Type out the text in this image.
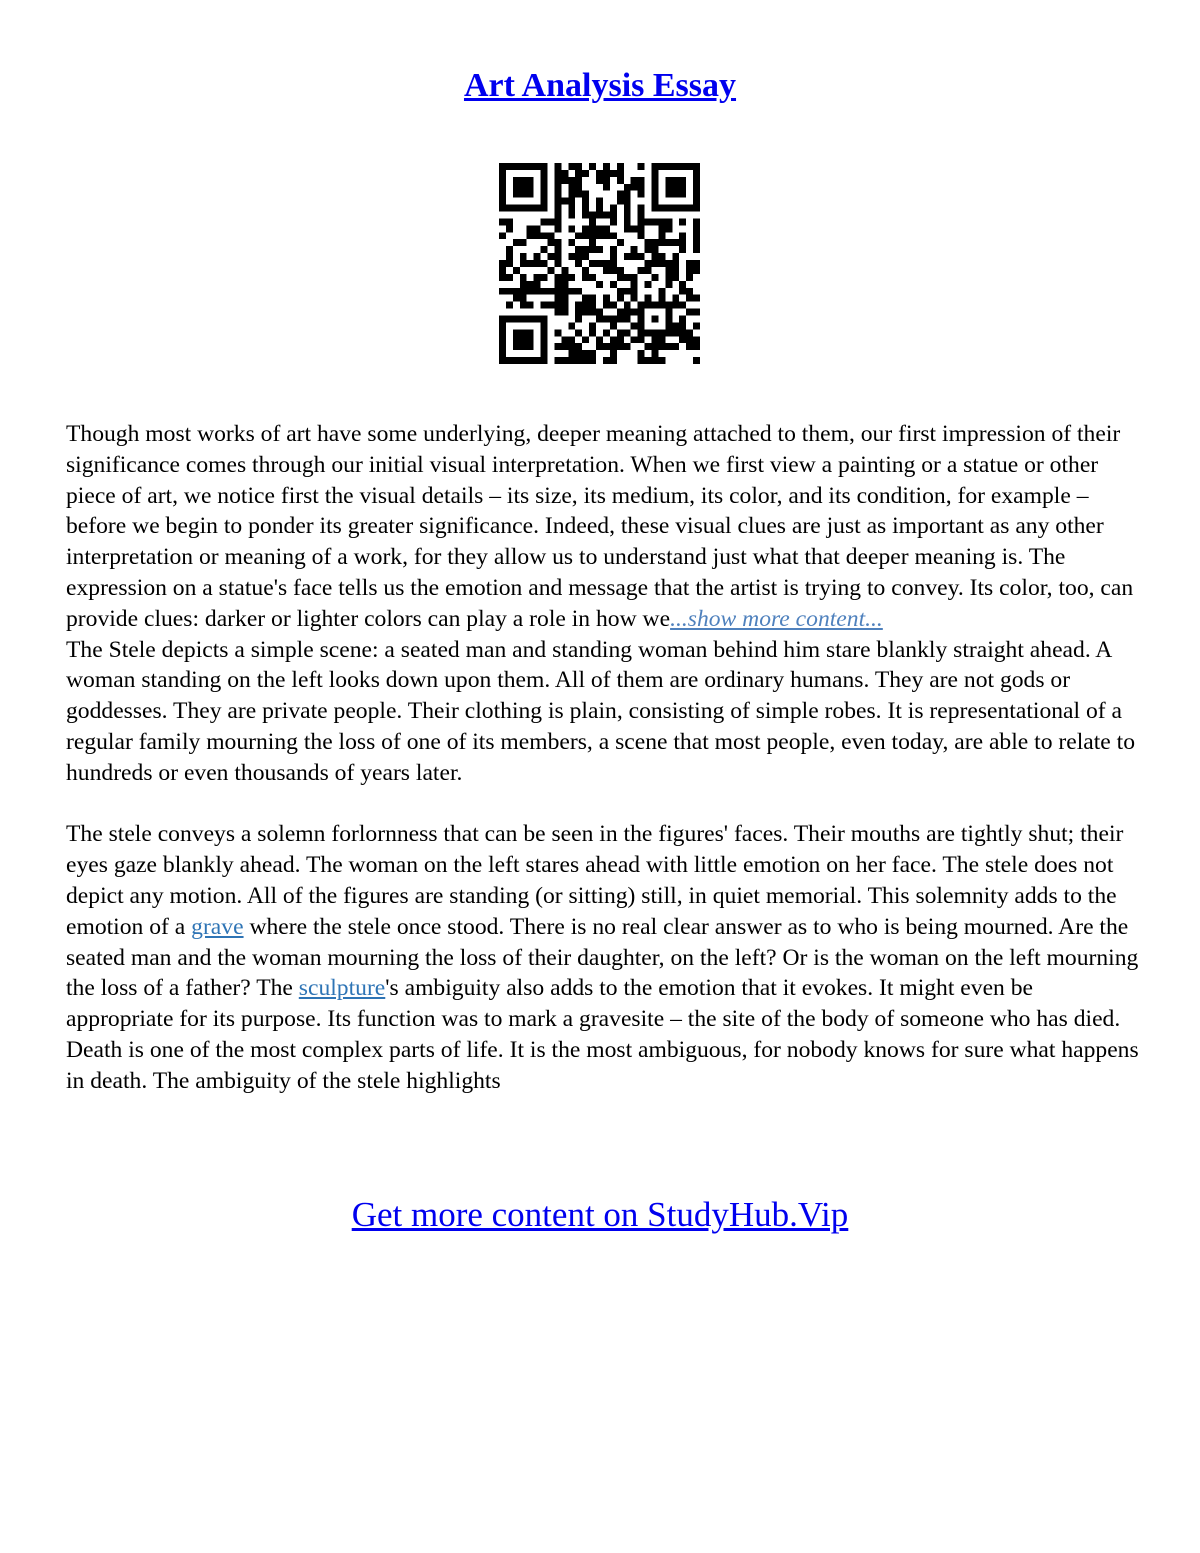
Art Analysis Essay

Though most works of art have some underlying, deeper meaning attached to them, our first impression of their significance comes through our initial visual interpretation. When we first view a painting or a statue or other piece of art, we notice first the visual details – its size, its medium, its color, and its condition, for example – before we begin to ponder its greater significance. Indeed, these visual clues are just as important as any other interpretation or meaning of a work, for they allow us to understand just what that deeper meaning is. The expression on a statue's face tells us the emotion and message that the artist is trying to convey. Its color, too, can provide clues: darker or lighter colors can play a role in how we...show more content...

The Stele depicts a simple scene: a seated man and standing woman behind him stare blankly straight ahead. A woman standing on the left looks down upon them. All of them are ordinary humans. They are not gods or goddesses. They are private people. Their clothing is plain, consisting of simple robes. It is representational of a regular family mourning the loss of one of its members, a scene that most people, even today, are able to relate to hundreds or even thousands of years later.

The stele conveys a solemn forlornness that can be seen in the figures' faces. Their mouths are tightly shut; their eyes gaze blankly ahead. The woman on the left stares ahead with little emotion on her face. The stele does not depict any motion. All of the figures are standing (or sitting) still, in quiet memorial. This solemnity adds to the emotion of a grave where the stele once stood. There is no real clear answer as to who is being mourned. Are the seated man and the woman mourning the loss of their daughter, on the left? Or is the woman on the left mourning the loss of a father? The sculpture's ambiguity also adds to the emotion that it evokes. It might even be appropriate for its purpose. Its function was to mark a gravesite – the site of the body of someone who has died. Death is one of the most complex parts of life. It is the most ambiguous, for nobody knows for sure what happens in death. The ambiguity of the stele highlights

Get more content on StudyHub.Vip
